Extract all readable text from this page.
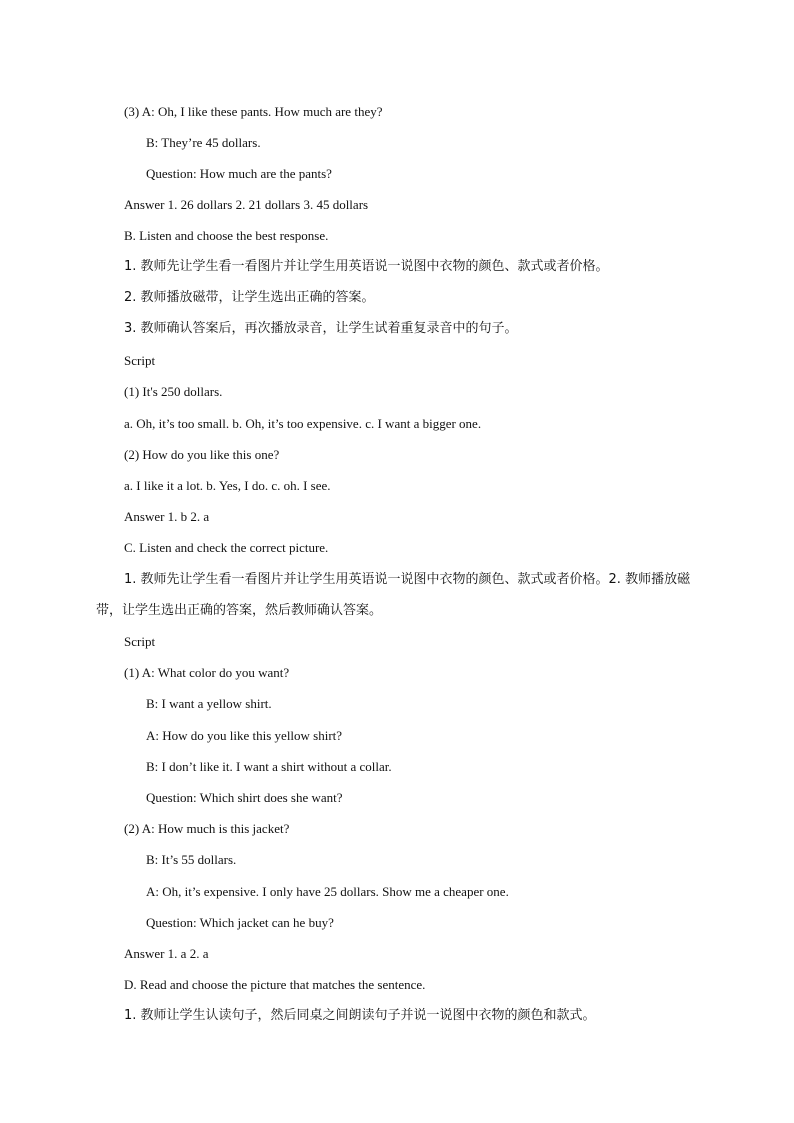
(3) A: Oh, I like these pants. How much are they?
B: They’re 45 dollars.
Question: How much are the pants?
Answer 1. 26 dollars 2. 21 dollars 3. 45 dollars
B. Listen and choose the best response.
1. 教师先让学生看一看图片并让学生用英语说一说图中衣物的颜色、款式或者价格。
2. 教师播放磁带，让学生选出正确的答案。
3. 教师确认答案后，再次播放录音，让学生试着重复录音中的句子。
Script
(1) It's 250 dollars.
a. Oh, it’s too small. b. Oh, it’s too expensive. c. I want a bigger one.
(2) How do you like this one?
a. I like it a lot. b. Yes, I do. c. oh. I see.
Answer 1. b 2. a
C. Listen and check the correct picture.
1. 教师先让学生看一看图片并让学生用英语说一说图中衣物的颜色、款式或者价格。2. 教师播放磁带，让学生选出正确的答案，然后教师确认答案。
Script
(1) A: What color do you want?
B: I want a yellow shirt.
A: How do you like this yellow shirt?
B: I don’t like it. I want a shirt without a collar.
Question: Which shirt does she want?
(2) A: How much is this jacket?
B: It’s 55 dollars.
A: Oh, it’s expensive. I only have 25 dollars. Show me a cheaper one.
Question: Which jacket can he buy?
Answer 1. a 2. a
D. Read and choose the picture that matches the sentence.
1. 教师让学生认读句子，然后同桌之间朗读句子并说一说图中衣物的颜色和款式。
